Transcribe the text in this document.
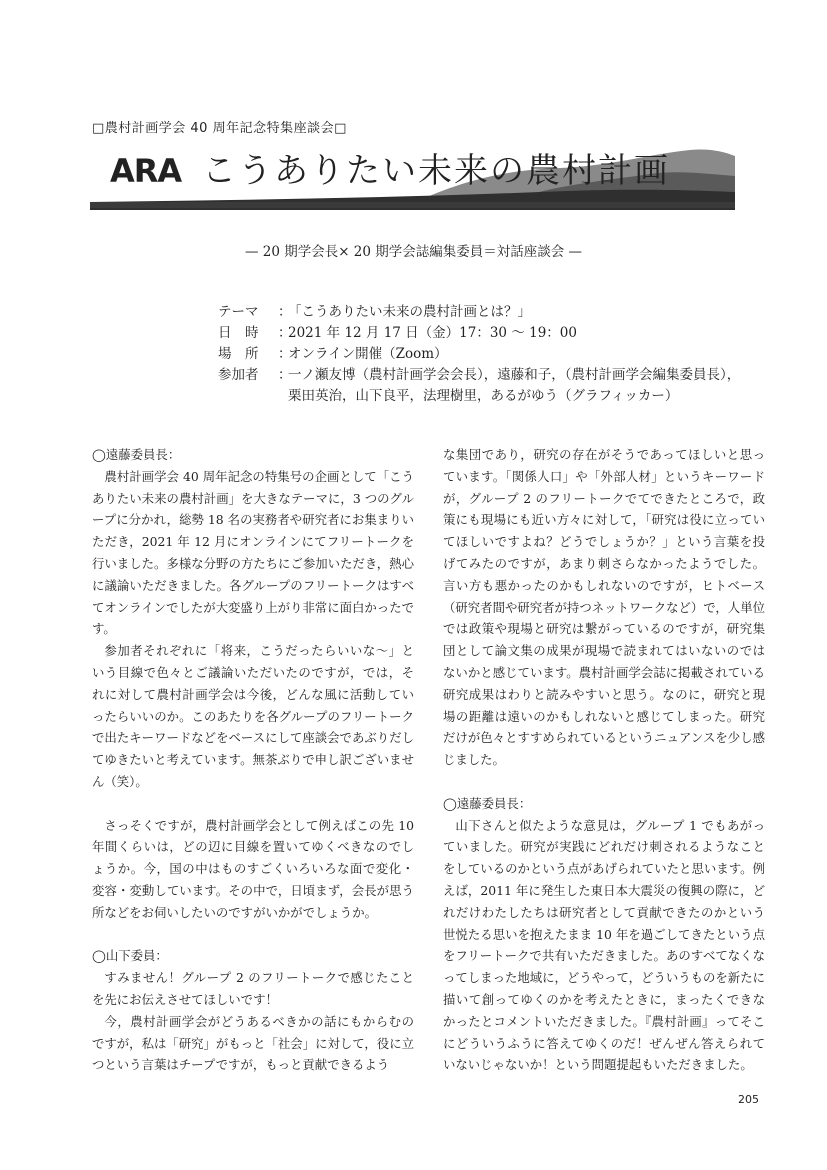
□農村計画学会 40 周年記念特集座談会□
ARA こうありたい未来の農村計画
— 20 期学会長× 20 期学会誌編集委員＝対話座談会 —
テーマ	：
「こうありたい未来の農村計画とは？」
日　時	：
2021 年 12 月 17 日（金）17：30 〜 19：00
場　所	：
オンライン開催（Zoom）
参加者	：
一ノ瀬友博（農村計画学会会長），遠藤和子，（農村計画学会編集委員長），
栗田英治，山下良平，法理樹里，あるがゆう（グラフィッカー）

◯遠藤委員長：

農村計画学会 40 周年記念の特集号の企画として「こうありたい未来の農村計画」を大きなテーマに，3 つのグループに分かれ，総勢 18 名の実務者や研究者にお集まりいただき，2021 年 12 月にオンラインにてフリートークを行いました。多様な分野の方たちにご参加いただき，熱心に議論いただきました。各グループのフリートークはすべてオンラインでしたが大変盛り上がり非常に面白かったです。

参加者それぞれに「将来，こうだったらいいな〜」という目線で色々とご議論いただいたのですが，では，それに対して農村計画学会は今後，どんな風に活動していったらいいのか。このあたりを各グループのフリートークで出たキーワードなどをベースにして座談会であぶりだしてゆきたいと考えています。無茶ぶりで申し訳ございません（笑）。

さっそくですが，農村計画学会として例えばこの先 10 年間くらいは，どの辺に目線を置いてゆくべきなのでしょうか。今，国の中はものすごくいろいろな面で変化・変容・変動しています。その中で，日頃まず，会長が思う所などをお伺いしたいのですがいかがでしょうか。

◯山下委員：

すみません！グループ 2 のフリートークで感じたことを先にお伝えさせてほしいです！

今，農村計画学会がどうあるべきかの話にもからむのですが，私は「研究」がもっと「社会」に対して，役に立つという言葉はチープですが，もっと貢献できるよう

な集団であり，研究の存在がそうであってほしいと思っています。「関係人口」や「外部人材」というキーワードが，グループ 2 のフリートークでてできたところで，政策にも現場にも近い方々に対して，「研究は役に立っていてほしいですよね？どうでしょうか？」という言葉を投げてみたのですが，あまり刺さらなかったようでした。言い方も悪かったのかもしれないのですが，ヒトベース（研究者間や研究者が持つネットワークなど）で，人単位では政策や現場と研究は繋がっているのですが，研究集団として論文集の成果が現場で読まれてはいないのではないかと感じています。農村計画学会誌に掲載されている研究成果はわりと読みやすいと思う。なのに，研究と現場の距離は遠いのかもしれないと感じてしまった。研究だけが色々とすすめられているというニュアンスを少し感じました。

◯遠藤委員長：

山下さんと似たような意見は，グループ 1 でもあがっていました。研究が実践にどれだけ刺されるようなことをしているのかという点があげられていたと思います。例えば，2011 年に発生した東日本大震災の復興の際に，どれだけわたしたちは研究者として貢献できたのかという世悦たる思いを抱えたまま 10 年を過ごしてきたという点をフリートークで共有いただきました。あのすべてなくなってしまった地域に，どうやって，どういうものを新たに描いて創ってゆくのかを考えたときに，まったくできなかったとコメントいただきました。『農村計画』ってそこにどういうふうに答えてゆくのだ！ぜんぜん答えられていないじゃないか！という問題提起もいただきました。

205
